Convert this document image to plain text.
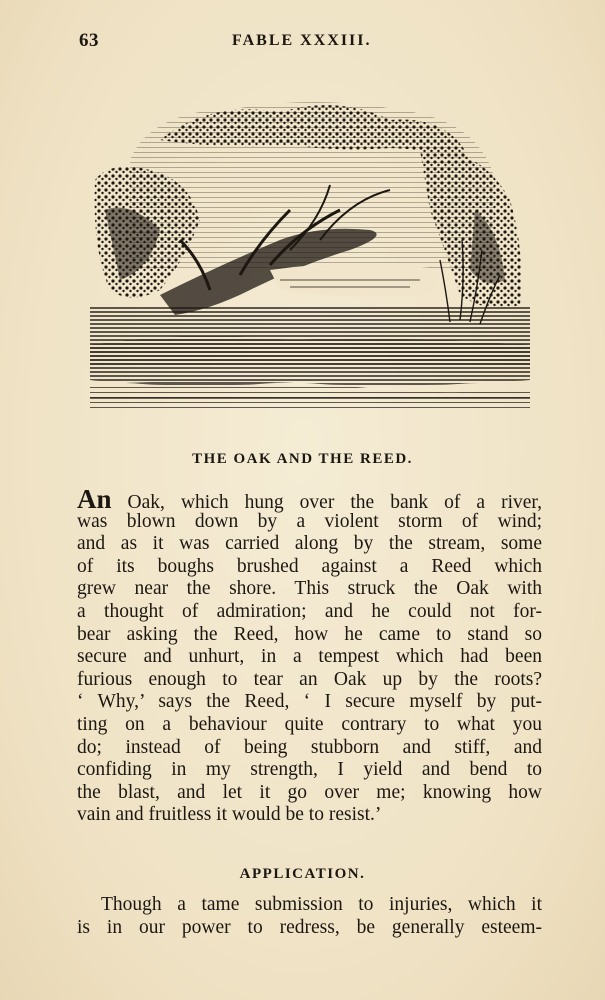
63	FABLE XXXIII.
THE OAK AND THE REED.
An Oak, which hung over the bank of a river,
was blown down by a violent storm of wind;
and as it was carried along by the stream, some
of its boughs brushed against a Reed which
grew near the shore. This struck the Oak with
a thought of admiration; and he could not for-
bear asking the Reed, how he came to stand so
secure and unhurt, in a tempest which had been
furious enough to tear an Oak up by the roots?
‘ Why,’ says the Reed, ‘ I secure myself by put-
ting on a behaviour quite contrary to what you
do; instead of being stubborn and stiff, and
confiding in my strength, I yield and bend to
the blast, and let it go over me; knowing how
vain and fruitless it would be to resist.’
APPLICATION.
Though a tame submission to injuries, which it
is in our power to redress, be generally esteem-
